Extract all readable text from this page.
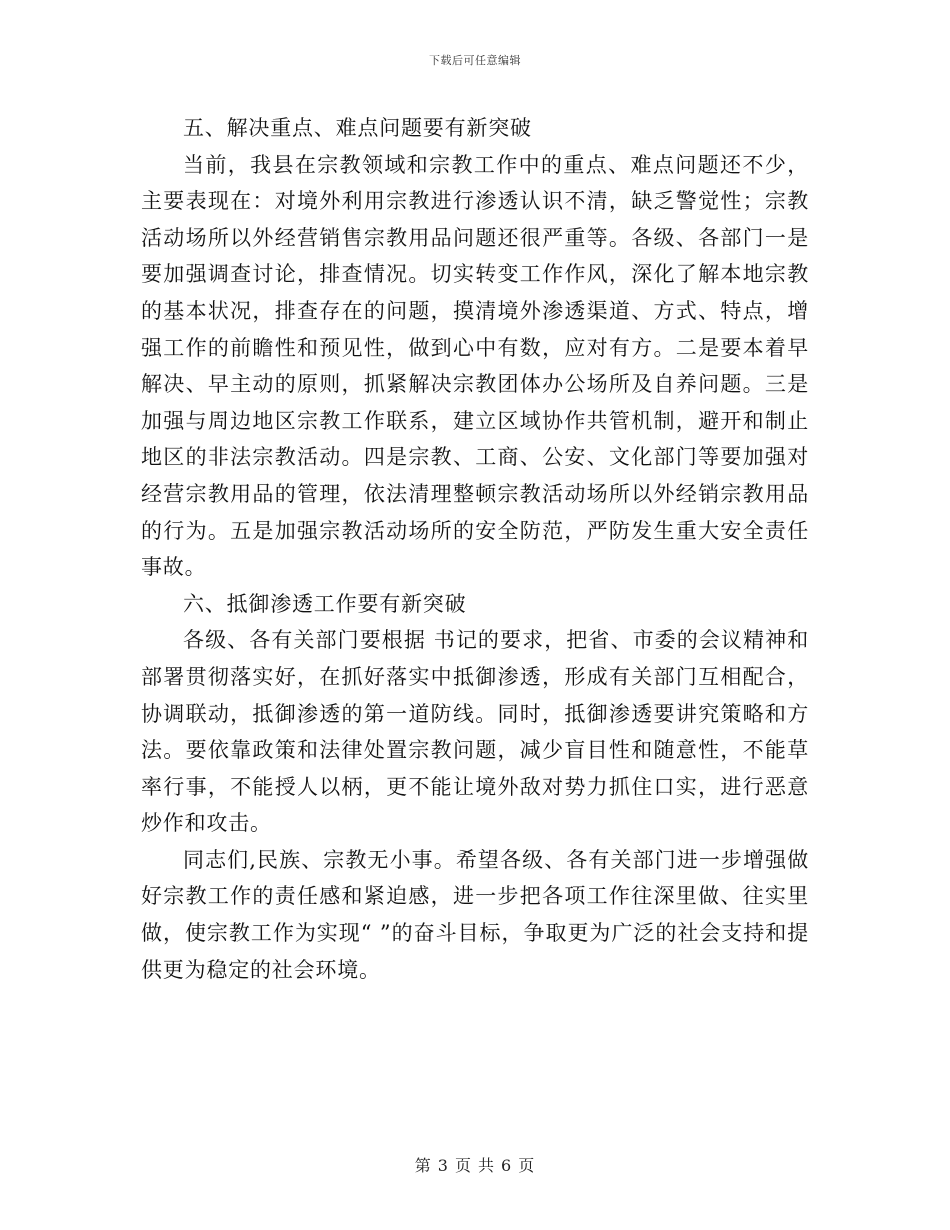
下载后可任意编辑

五、解决重点、难点问题要有新突破

当前，我县在宗教领域和宗教工作中的重点、难点问题还不少，主要表现在：对境外利用宗教进行渗透认识不清，缺乏警觉性；宗教活动场所以外经营销售宗教用品问题还很严重等。各级、各部门一是要加强调查讨论，排查情况。切实转变工作作风，深化了解本地宗教的基本状况，排查存在的问题，摸清境外渗透渠道、方式、特点，增强工作的前瞻性和预见性，做到心中有数，应对有方。二是要本着早解决、早主动的原则，抓紧解决宗教团体办公场所及自养问题。三是加强与周边地区宗教工作联系，建立区域协作共管机制，避开和制止地区的非法宗教活动。四是宗教、工商、公安、文化部门等要加强对经营宗教用品的管理，依法清理整顿宗教活动场所以外经销宗教用品的行为。五是加强宗教活动场所的安全防范，严防发生重大安全责任事故。

六、抵御渗透工作要有新突破

各级、各有关部门要根据 书记的要求，把省、市委的会议精神和部署贯彻落实好，在抓好落实中抵御渗透，形成有关部门互相配合，协调联动，抵御渗透的第一道防线。同时，抵御渗透要讲究策略和方法。要依靠政策和法律处置宗教问题，减少盲目性和随意性，不能草率行事，不能授人以柄，更不能让境外敌对势力抓住口实，进行恶意炒作和攻击。

同志们,民族、宗教无小事。希望各级、各有关部门进一步增强做好宗教工作的责任感和紧迫感，进一步把各项工作往深里做、往实里做，使宗教工作为实现“ ”的奋斗目标，争取更为广泛的社会支持和提供更为稳定的社会环境。

第 3 页 共 6 页
